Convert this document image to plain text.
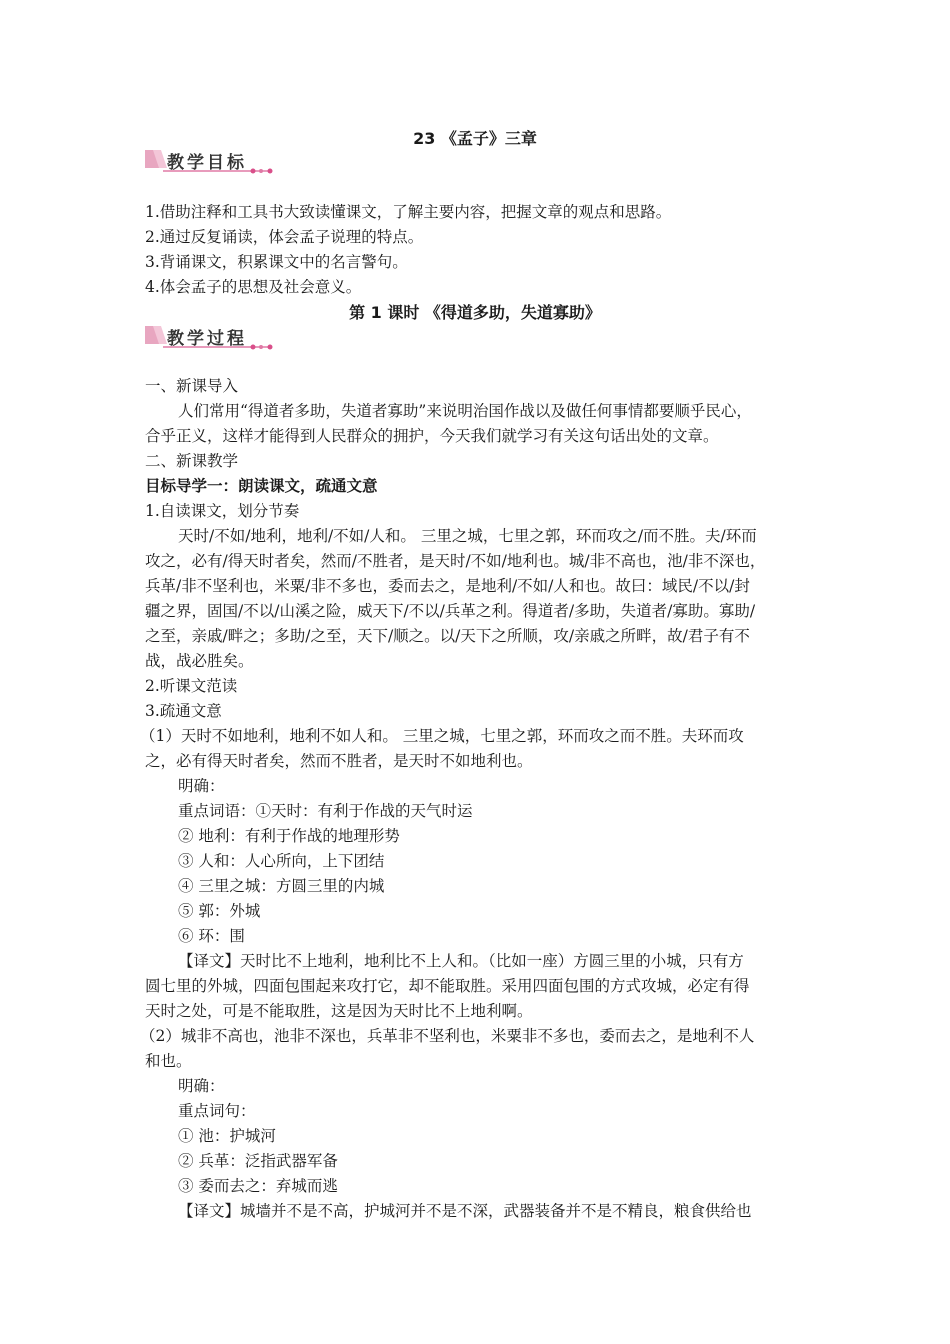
23 《孟子》三章
教学目标
1.借助注释和工具书大致读懂课文，了解主要内容，把握文章的观点和思路。
2.通过反复诵读，体会孟子说理的特点。
3.背诵课文，积累课文中的名言警句。
4.体会孟子的思想及社会意义。
第 1 课时 《得道多助，失道寡助》
教学过程
一、新课导入
人们常用“得道者多助，失道者寡助”来说明治国作战以及做任何事情都要顺乎民心，
合乎正义，这样才能得到人民群众的拥护，今天我们就学习有关这句话出处的文章。
二、新课教学
目标导学一：朗读课文，疏通文意
1.自读课文，划分节奏
天时/不如/地利，地利/不如/人和。 三里之城，七里之郭，环而攻之/而不胜。夫/环而
攻之，必有/得天时者矣，然而/不胜者，是天时/不如/地利也。城/非不高也，池/非不深也，
兵革/非不坚利也，米粟/非不多也，委而去之，是地利/不如/人和也。故曰：域民/不以/封
疆之界，固国/不以/山溪之险，威天下/不以/兵革之利。得道者/多助，失道者/寡助。寡助/
之至，亲戚/畔之；多助/之至，天下/顺之。以/天下之所顺，攻/亲戚之所畔，故/君子有不
战，战必胜矣。
2.听课文范读
3.疏通文意
（1）天时不如地利，地利不如人和。 三里之城，七里之郭，环而攻之而不胜。夫环而攻
之，必有得天时者矣，然而不胜者，是天时不如地利也。
明确：
重点词语：①天时：有利于作战的天气时运
② 地利：有利于作战的地理形势
③ 人和：人心所向，上下团结
④ 三里之城：方圆三里的内城
⑤ 郭：外城
⑥ 环：围
【译文】天时比不上地利，地利比不上人和。（比如一座）方圆三里的小城，只有方
圆七里的外城，四面包围起来攻打它，却不能取胜。采用四面包围的方式攻城，必定有得
天时之处，可是不能取胜，这是因为天时比不上地利啊。
（2）城非不高也，池非不深也，兵革非不坚利也，米粟非不多也，委而去之，是地利不人
和也。
明确：
重点词句：
① 池：护城河
② 兵革：泛指武器军备
③ 委而去之：弃城而逃
【译文】城墙并不是不高，护城河并不是不深，武器装备并不是不精良，粮食供给也
